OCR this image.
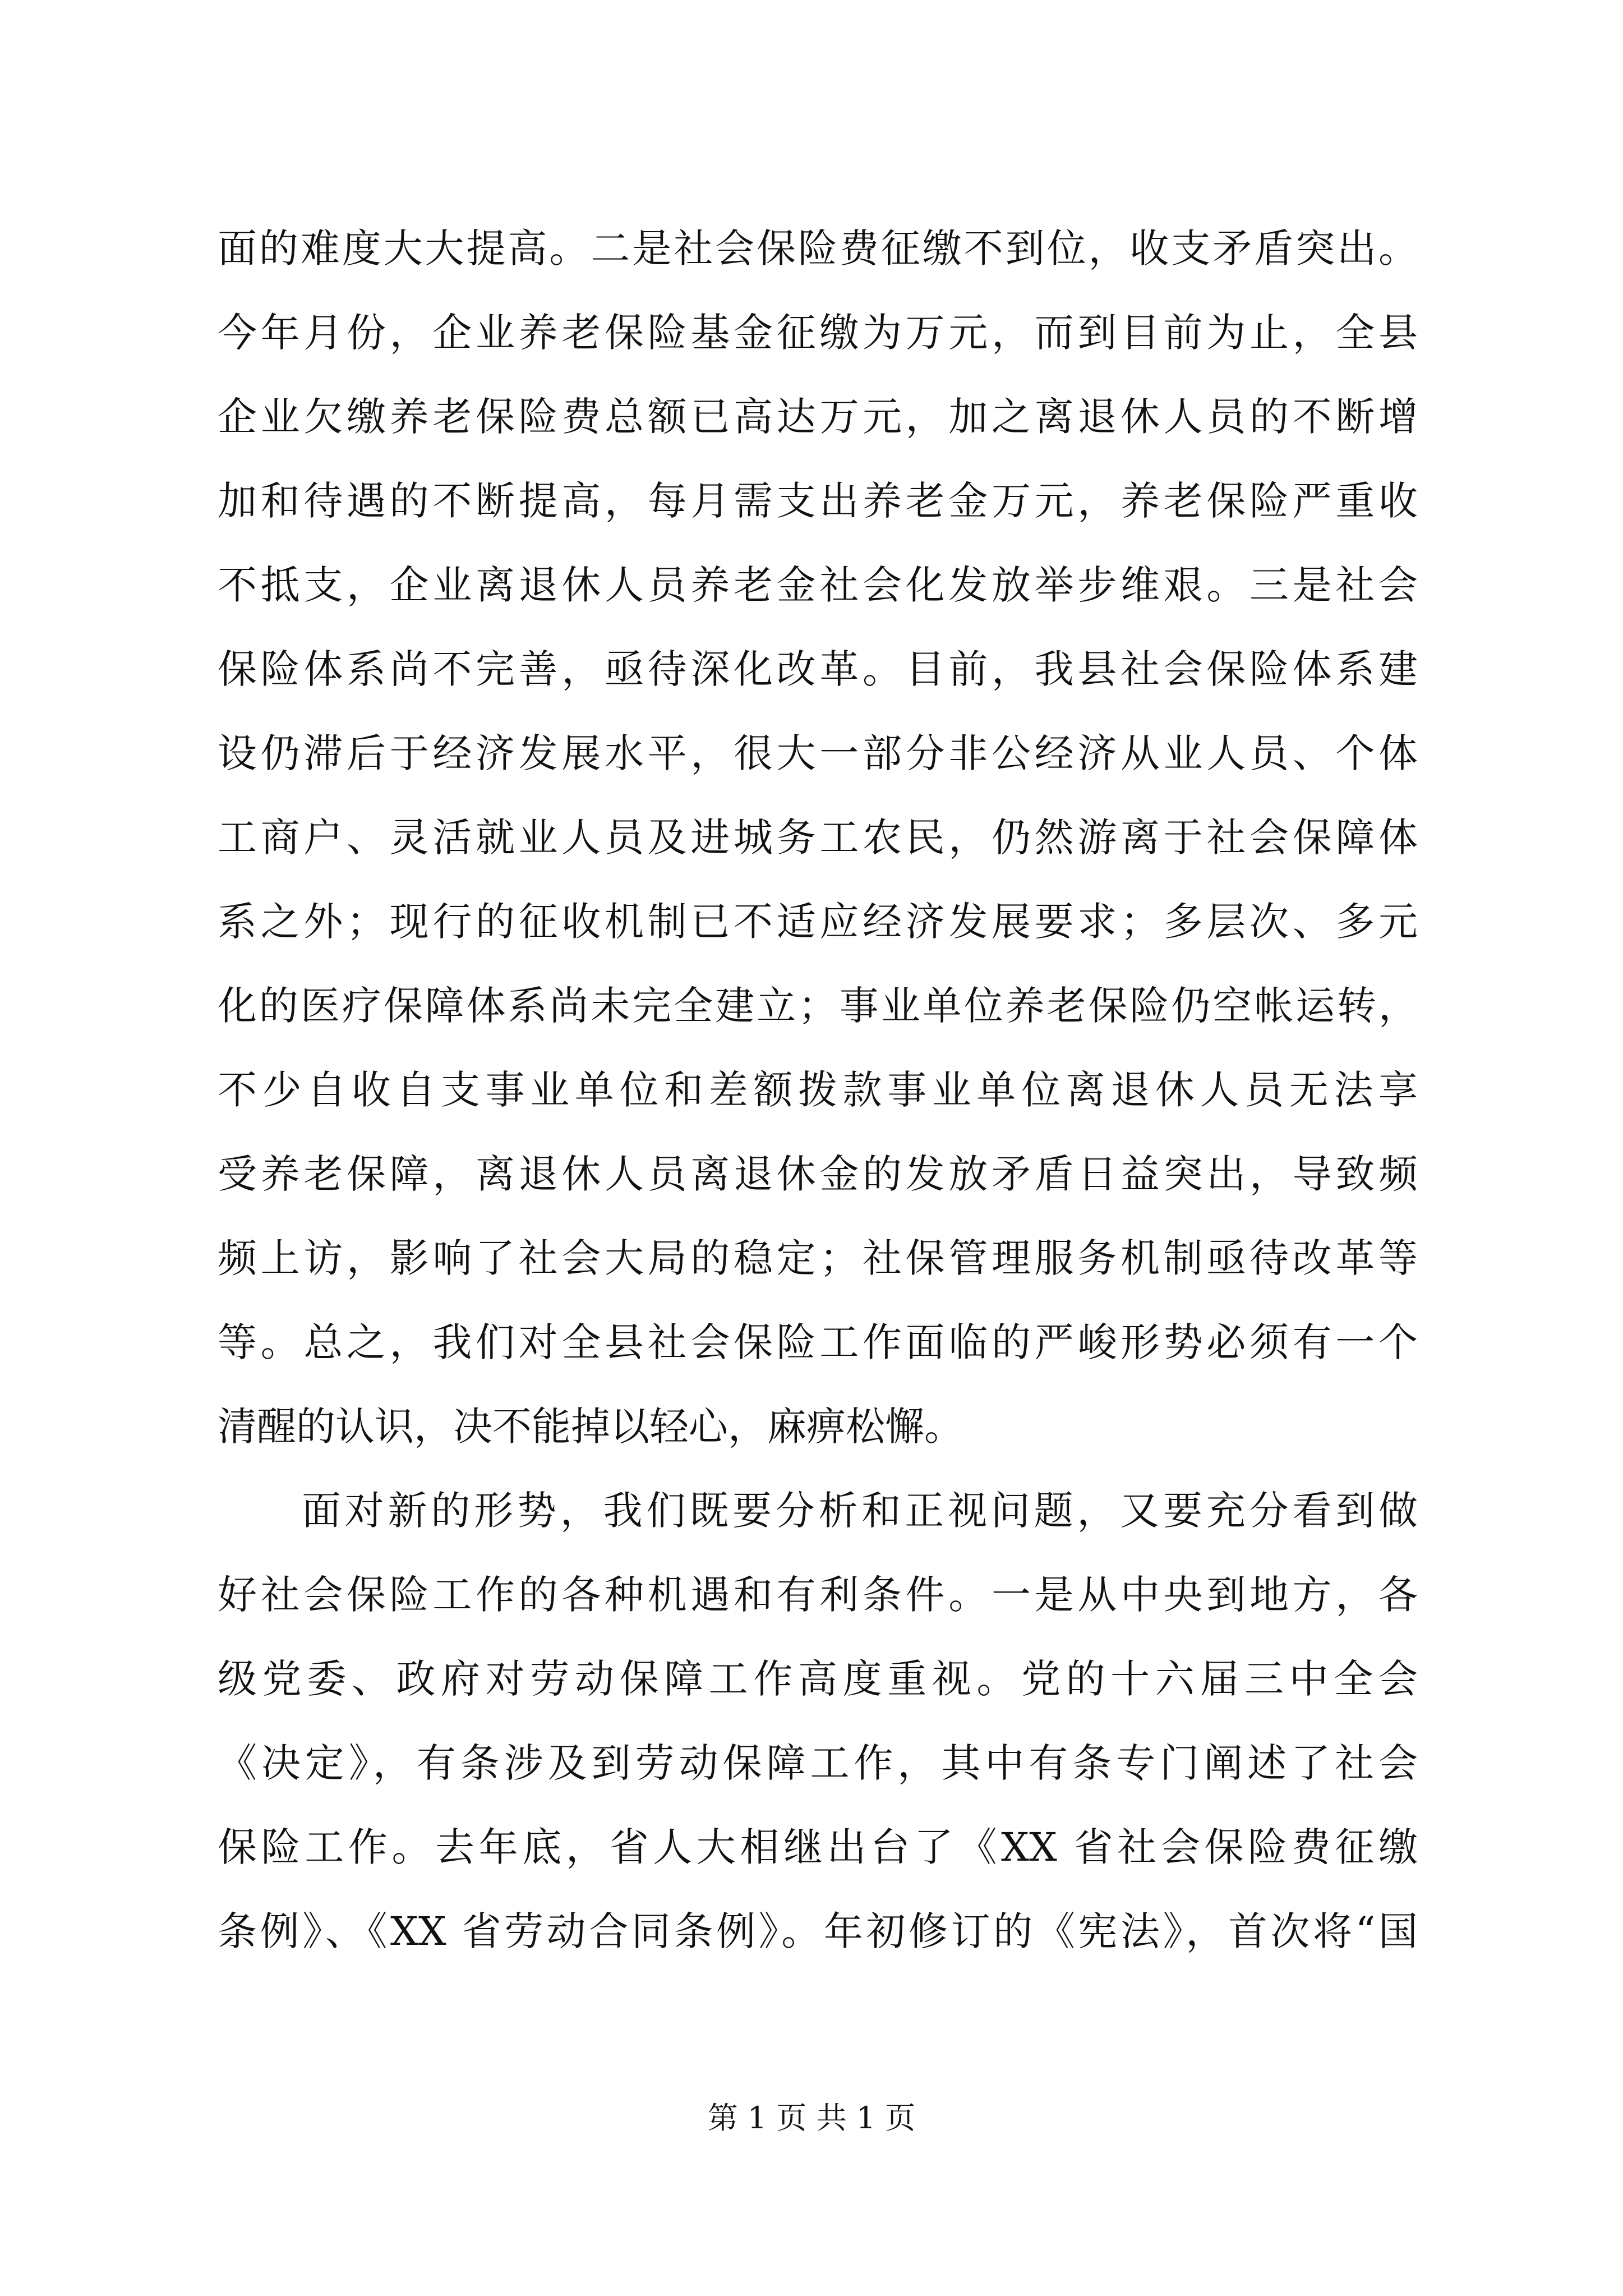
面的难度大大提高。二是社会保险费征缴不到位，收支矛盾突出。
今年月份，企业养老保险基金征缴为万元，而到目前为止，全县
企业欠缴养老保险费总额已高达万元，加之离退休人员的不断增
加和待遇的不断提高，每月需支出养老金万元，养老保险严重收
不抵支，企业离退休人员养老金社会化发放举步维艰。三是社会
保险体系尚不完善，亟待深化改革。目前，我县社会保险体系建
设仍滞后于经济发展水平，很大一部分非公经济从业人员、个体
工商户、灵活就业人员及进城务工农民，仍然游离于社会保障体
系之外；现行的征收机制已不适应经济发展要求；多层次、多元
化的医疗保障体系尚未完全建立；事业单位养老保险仍空帐运转，
不少自收自支事业单位和差额拨款事业单位离退休人员无法享
受养老保障，离退休人员离退休金的发放矛盾日益突出，导致频
频上访，影响了社会大局的稳定；社保管理服务机制亟待改革等
等。总之，我们对全县社会保险工作面临的严峻形势必须有一个
清醒的认识，决不能掉以轻心，麻痹松懈。
面对新的形势，我们既要分析和正视问题，又要充分看到做
好社会保险工作的各种机遇和有利条件。一是从中央到地方，各
级党委、政府对劳动保障工作高度重视。党的十六届三中全会
《决定》，有条涉及到劳动保障工作，其中有条专门阐述了社会
保险工作。去年底，省人大相继出台了《XX 省社会保险费征缴
条例》、《XX 省劳动合同条例》。年初修订的《宪法》，首次将“国
第 1 页 共 1 页
